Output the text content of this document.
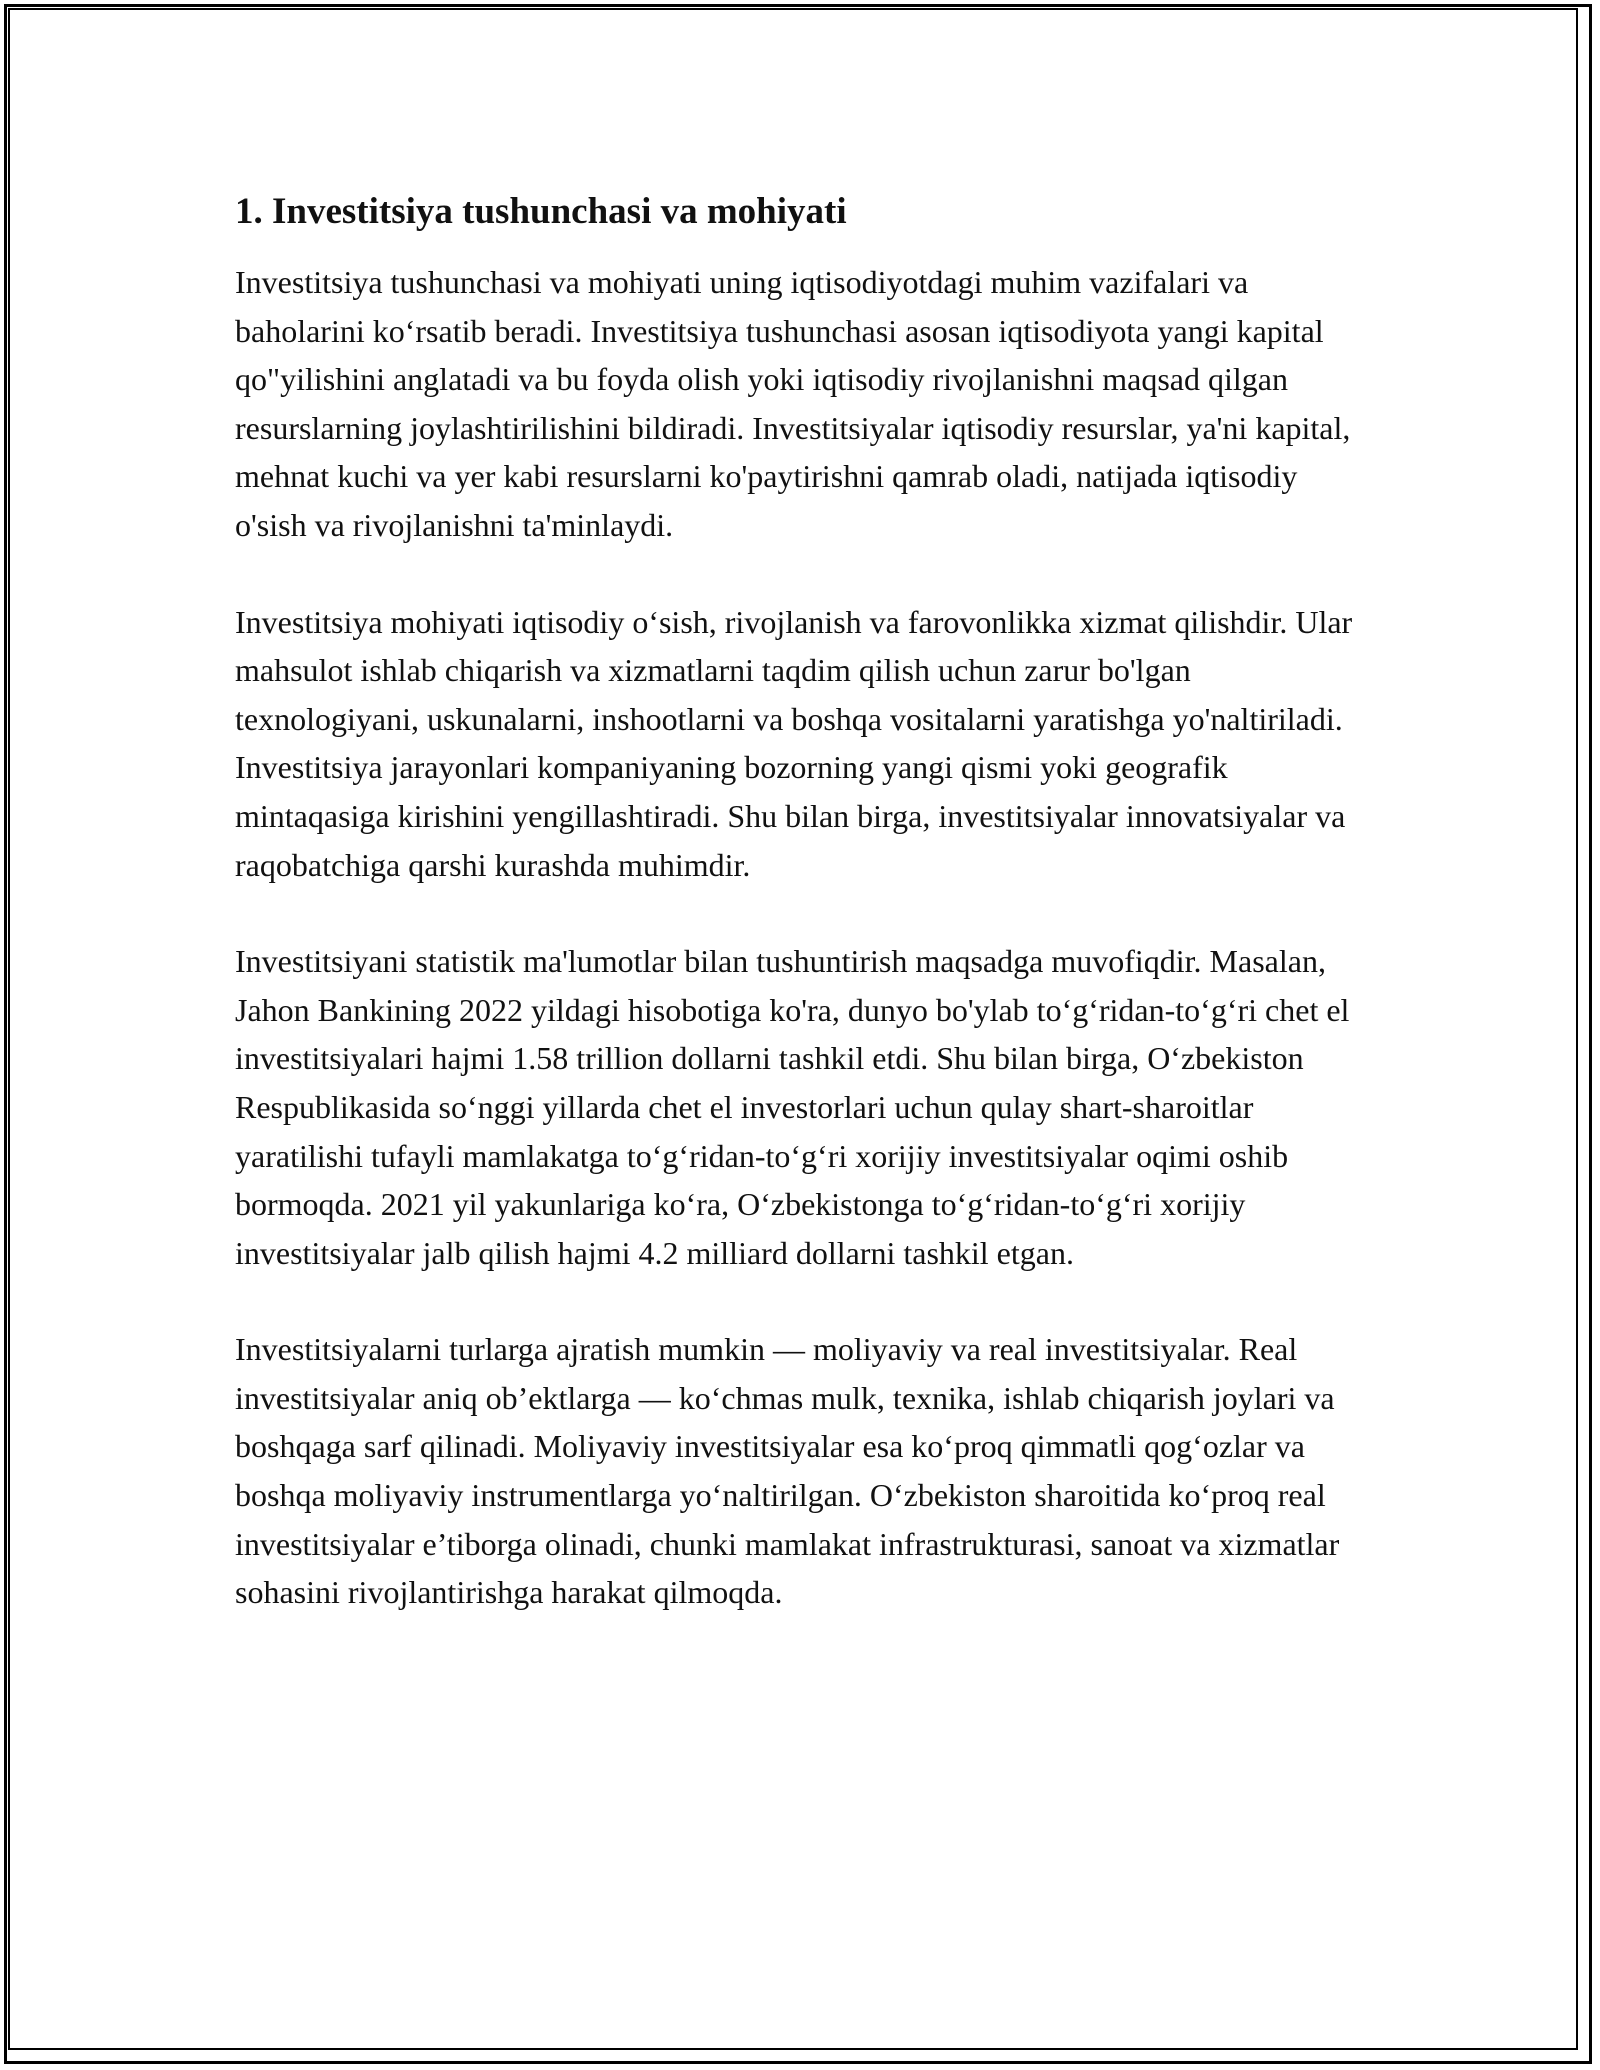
1. Investitsiya tushunchasi va mohiyati

Investitsiya tushunchasi va mohiyati uning iqtisodiyotdagi muhim vazifalari va baholarini ko‘rsatib beradi. Investitsiya tushunchasi asosan iqtisodiyota yangi kapital qo"yilishini anglatadi va bu foyda olish yoki iqtisodiy rivojlanishni maqsad qilgan resurslarning joylashtirilishini bildiradi. Investitsiyalar iqtisodiy resurslar, ya'ni kapital, mehnat kuchi va yer kabi resurslarni ko'paytirishni qamrab oladi, natijada iqtisodiy o'sish va rivojlanishni ta'minlaydi.

Investitsiya mohiyati iqtisodiy o‘sish, rivojlanish va farovonlikka xizmat qilishdir. Ular mahsulot ishlab chiqarish va xizmatlarni taqdim qilish uchun zarur bo'lgan texnologiyani, uskunalarni, inshootlarni va boshqa vositalarni yaratishga yo'naltiriladi. Investitsiya jarayonlari kompaniyaning bozorning yangi qismi yoki geografik mintaqasiga kirishini yengillashtiradi. Shu bilan birga, investitsiyalar innovatsiyalar va raqobatchiga qarshi kurashda muhimdir.

Investitsiyani statistik ma'lumotlar bilan tushuntirish maqsadga muvofiqdir. Masalan, Jahon Bankining 2022 yildagi hisobotiga ko'ra, dunyo bo'ylab to‘g‘ridan-to‘g‘ri chet el investitsiyalari hajmi 1.58 trillion dollarni tashkil etdi. Shu bilan birga, O‘zbekiston Respublikasida so‘nggi yillarda chet el investorlari uchun qulay shart-sharoitlar yaratilishi tufayli mamlakatga to‘g‘ridan-to‘g‘ri xorijiy investitsiyalar oqimi oshib bormoqda. 2021 yil yakunlariga ko‘ra, O‘zbekistonga to‘g‘ridan-to‘g‘ri xorijiy investitsiyalar jalb qilish hajmi 4.2 milliard dollarni tashkil etgan.

Investitsiyalarni turlarga ajratish mumkin — moliyaviy va real investitsiyalar. Real investitsiyalar aniq ob’ektlarga — ko‘chmas mulk, texnika, ishlab chiqarish joylari va boshqaga sarf qilinadi. Moliyaviy investitsiyalar esa ko‘proq qimmatli qog‘ozlar va boshqa moliyaviy instrumentlarga yo‘naltirilgan. O‘zbekiston sharoitida ko‘proq real investitsiyalar e’tiborga olinadi, chunki mamlakat infrastrukturasi, sanoat va xizmatlar sohasini rivojlantirishga harakat qilmoqda.
